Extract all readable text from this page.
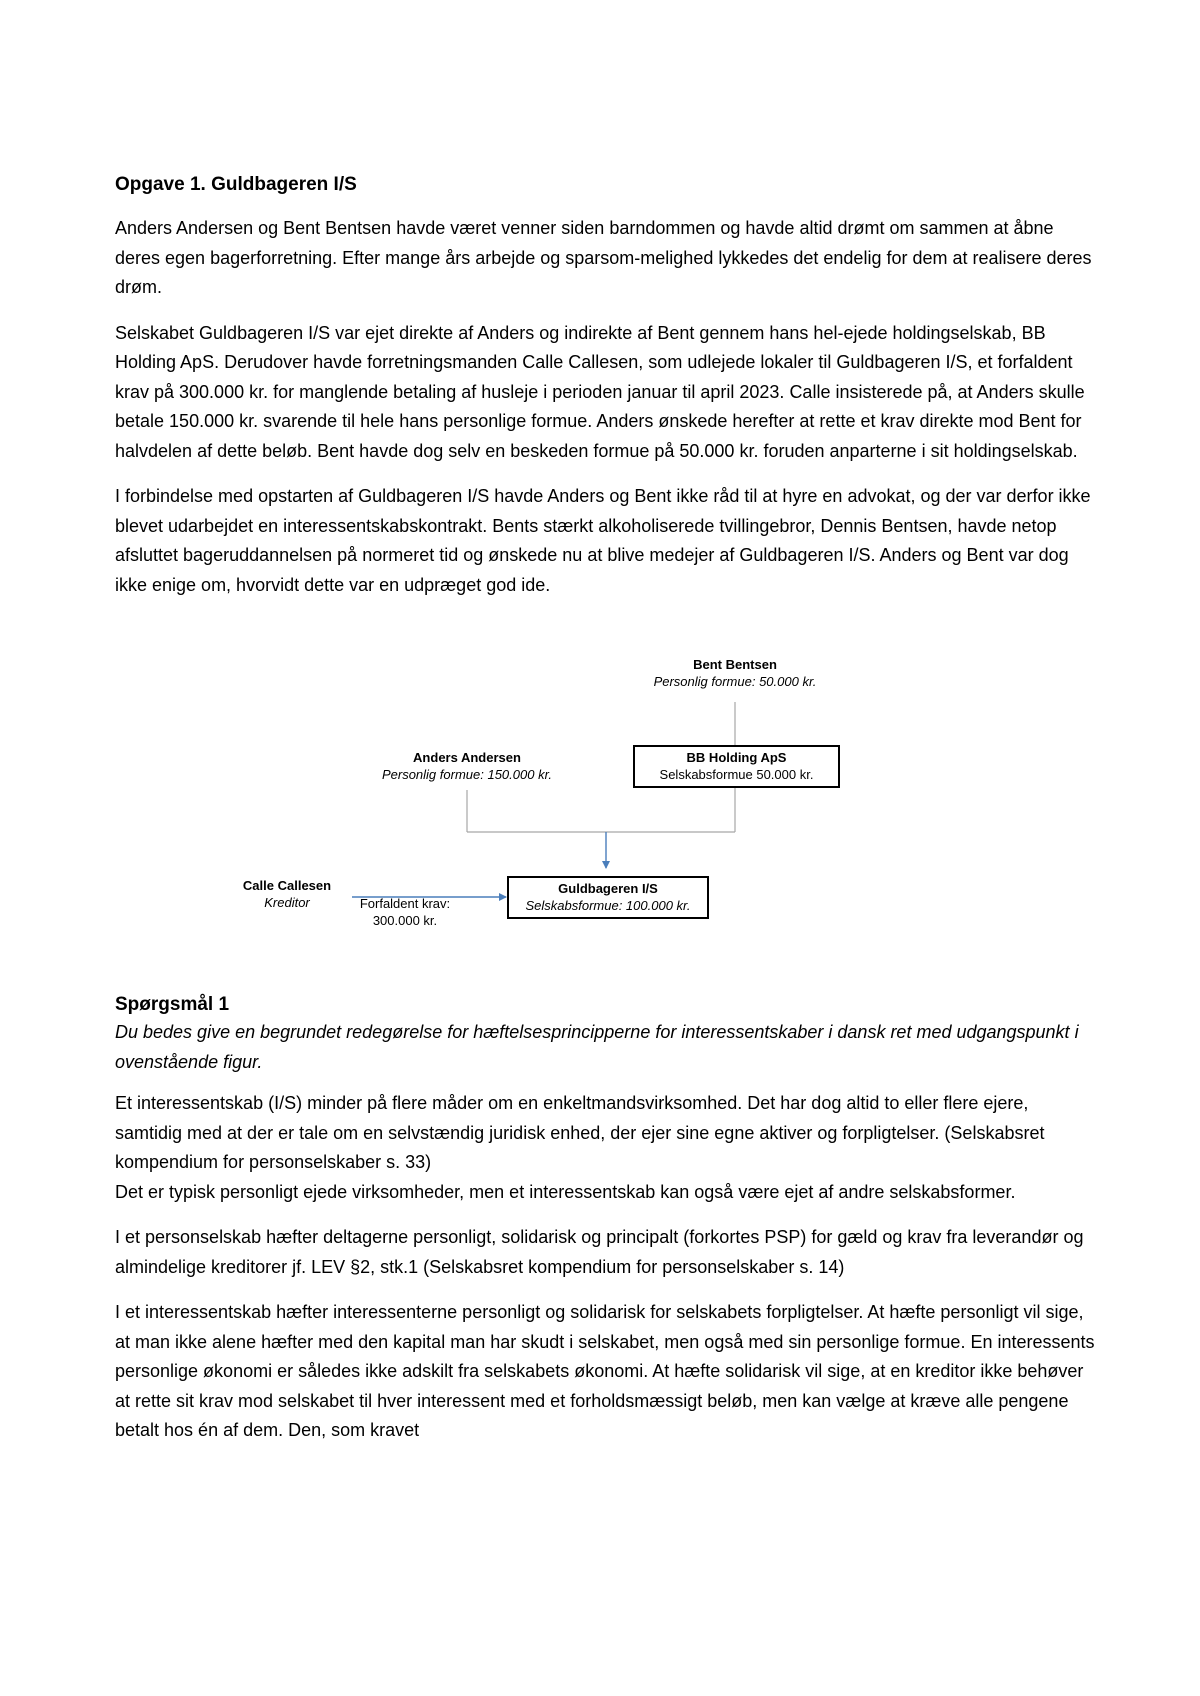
Opgave 1. Guldbageren I/S

Anders Andersen og Bent Bentsen havde været venner siden barndommen og havde altid drømt om sammen at åbne deres egen bagerforretning. Efter mange års arbejde og sparsom-melighed lykkedes det endelig for dem at realisere deres drøm.

Selskabet Guldbageren I/S var ejet direkte af Anders og indirekte af Bent gennem hans hel-ejede holdingselskab, BB Holding ApS. Derudover havde forretningsmanden Calle Callesen, som udlejede lokaler til Guldbageren I/S, et forfaldent krav på 300.000 kr. for manglende betaling af husleje i perioden januar til april 2023. Calle insisterede på, at Anders skulle betale 150.000 kr. svarende til hele hans personlige formue. Anders ønskede herefter at rette et krav direkte mod Bent for halvdelen af dette beløb. Bent havde dog selv en beskeden formue på 50.000 kr. foruden anparterne i sit holdingselskab.

I forbindelse med opstarten af Guldbageren I/S havde Anders og Bent ikke råd til at hyre en advokat, og der var derfor ikke blevet udarbejdet en interessentskabskontrakt. Bents stærkt alkoholiserede tvillingebror, Dennis Bentsen, havde netop afsluttet bageruddannelsen på normeret tid og ønskede nu at blive medejer af Guldbageren I/S. Anders og Bent var dog ikke enige om, hvorvidt dette var en udpræget god ide.

Bent Bentsen
Personlig formue: 50.000 kr.
Anders Andersen
Personlig formue: 150.000 kr.
BB Holding ApS
Selskabsformue 50.000 kr.
Calle Callesen
Kreditor	Forfaldent krav:
300.000 kr.
Guldbageren I/S
Selskabsformue: 100.000 kr.
Spørgsmål 1

Du bedes give en begrundet redegørelse for hæftelsesprincipperne for interessentskaber i dansk ret med udgangspunkt i ovenstående figur.

Et interessentskab (I/S) minder på flere måder om en enkeltmandsvirksomhed. Det har dog altid to eller flere ejere, samtidig med at der er tale om en selvstændig juridisk enhed, der ejer sine egne aktiver og forpligtelser. (Selskabsret kompendium for personselskaber s. 33)

Det er typisk personligt ejede virksomheder, men et interessentskab kan også være ejet af andre selskabsformer.

I et personselskab hæfter deltagerne personligt, solidarisk og principalt (forkortes PSP) for gæld og krav fra leverandør og almindelige kreditorer jf. LEV §2, stk.1 (Selskabsret kompendium for personselskaber s. 14)

I et interessentskab hæfter interessenterne personligt og solidarisk for selskabets forpligtelser. At hæfte personligt vil sige, at man ikke alene hæfter med den kapital man har skudt i selskabet, men også med sin personlige formue. En interessents personlige økonomi er således ikke adskilt fra selskabets økonomi. At hæfte solidarisk vil sige, at en kreditor ikke behøver at rette sit krav mod selskabet til hver interessent med et forholdsmæssigt beløb, men kan vælge at kræve alle pengene betalt hos én af dem. Den, som kravet
